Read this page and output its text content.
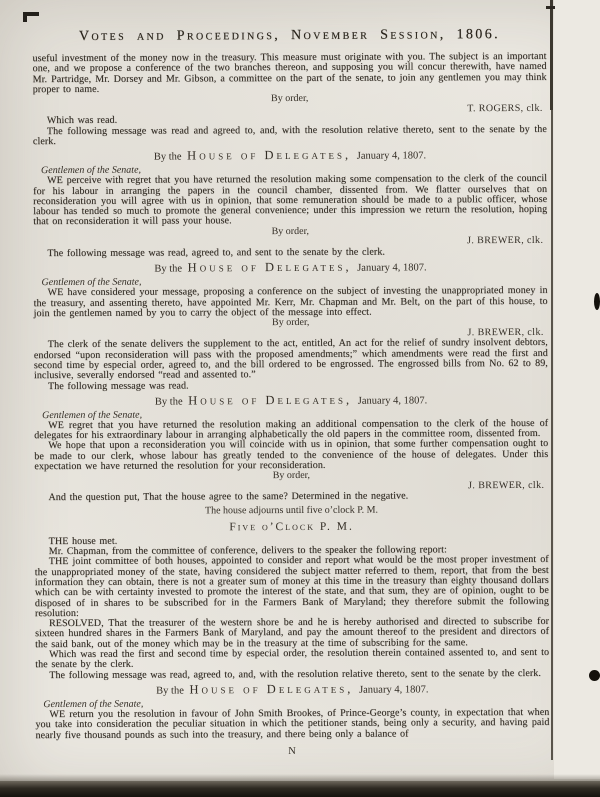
Votes and Proceedings, November Session, 1806.

useful investment of the money now in the treasury. This measure must originate with you. The subject is an important one, and we propose a conference of the two branches thereon, and supposing you will concur therewith, have named Mr. Partridge, Mr. Dorsey and Mr. Gibson, a committee on the part of the senate, to join any gentlemen you may think proper to name.

By order,
T. ROGERS, clk.

Which was read.

The following message was read and agreed to, and, with the resolution relative thereto, sent to the senate by the clerk.

By the House of Delegates, January 4, 1807.

Gentlemen of the Senate,

WE perceive with regret that you have returned the resolution making some compensation to the clerk of the council for his labour in arranging the papers in the council chamber, dissented from. We flatter ourselves that on reconsideration you will agree with us in opinion, that some remuneration should be made to a public officer, whose labour has tended so much to promote the general convenience; under this impression we return the resolution, hoping that on reconsideration it will pass your house.

By order,
J. BREWER, clk.

The following message was read, agreed to, and sent to the senate by the clerk.

By the House of Delegates, January 4, 1807.

Gentlemen of the Senate,

WE have considered your message, proposing a conference on the subject of investing the unappropriated money in the treasury, and assenting thereto, have appointed Mr. Kerr, Mr. Chapman and Mr. Belt, on the part of this house, to join the gentlemen named by you to carry the object of the message into effect.

By order,
J. BREWER, clk.

The clerk of the senate delivers the supplement to the act, entitled, An act for the relief of sundry insolvent debtors, endorsed “upon reconsideration will pass with the proposed amendments;” which amendments were read the first and second time by especial order, agreed to, and the bill ordered to be engrossed. The engrossed bills from No. 62 to 89, inclusive, severally endorsed “read and assented to.”

The following message was read.

By the House of Delegates, January 4, 1807.

Gentlemen of the Senate,

WE regret that you have returned the resolution making an additional compensation to the clerk of the house of delegates for his extraordinary labour in arranging alphabetically the old papers in the committee room, dissented from.

We hope that upon a reconsideration you will coincide with us in opinion, that some further compensation ought to be made to our clerk, whose labour has greatly tended to the convenience of the house of delegates. Under this expectation we have returned the resolution for your reconsideration.

By order,
J. BREWER, clk.

And the question put, That the house agree to the same? Determined in the negative.

The house adjourns until five o’clock P. M.
Five o’Clock P. M.

THE house met.

Mr. Chapman, from the committee of conference, delivers to the speaker the following report:

THE joint committee of both houses, appointed to consider and report what would be the most proper investment of the unappropriated money of the state, having considered the subject matter referred to them, report, that from the best information they can obtain, there is not a greater sum of money at this time in the treasury than eighty thousand dollars which can be with certainty invested to promote the interest of the state, and that sum, they are of opinion, ought to be disposed of in shares to be subscribed for in the Farmers Bank of Maryland; they therefore submit the following resolution:

RESOLVED, That the treasurer of the western shore be and he is hereby authorised and directed to subscribe for sixteen hundred shares in the Farmers Bank of Maryland, and pay the amount thereof to the president and directors of the said bank, out of the money which may be in the treasury at the time of subscribing for the same.

Which was read the first and second time by especial order, the resolution therein contained assented to, and sent to the senate by the clerk.

The following message was read, agreed to, and, with the resolution relative thereto, sent to the senate by the clerk.

By the House of Delegates, January 4, 1807.

Gentlemen of the Senate,

WE return you the resolution in favour of John Smith Brookes, of Prince-George’s county, in expectation that when you take into consideration the peculiar situation in which the petitioner stands, being only a security, and having paid nearly five thousand pounds as such into the treasury, and there being only a balance of

N
